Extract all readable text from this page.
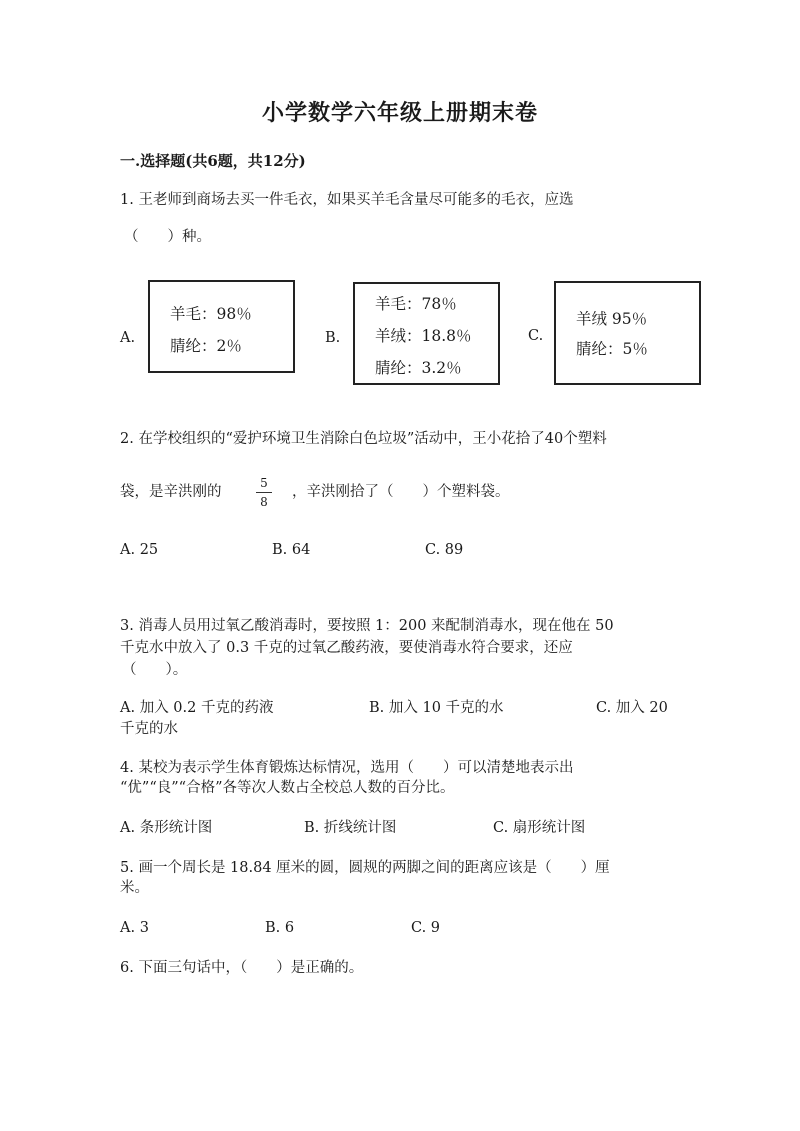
小学数学六年级上册期末卷
一.选择题(共6题，共12分)
1. 王老师到商场去买一件毛衣，如果买羊毛含量尽可能多的毛衣，应选
（　　）种。
A.
羊毛：98％
腈纶：2％	B.
羊毛：78％
羊绒：18.8％
腈纶：3.2％
C.
羊绒 95％
腈纶：5％
2. 在学校组织的“爱护环境卫生消除白色垃圾”活动中，王小花拾了40个塑料
袋，是辛洪刚的
5
8
，辛洪刚拾了（　　）个塑料袋。
A. 25	B. 64	C. 89
3. 消毒人员用过氧乙酸消毒时，要按照 1：200 来配制消毒水，现在他在 50
千克水中放入了 0.3 千克的过氧乙酸药液，要使消毒水符合要求，还应
（　　）。
A. 加入 0.2 千克的药液	B. 加入 10 千克的水	C. 加入 20
千克的水
4. 某校为表示学生体育锻炼达标情况，选用（　　）可以清楚地表示出
“优”“良”“合格”各等次人数占全校总人数的百分比。
A. 条形统计图	B. 折线统计图	C. 扇形统计图
5. 画一个周长是 18.84 厘米的圆，圆规的两脚之间的距离应该是（　　）厘
米。
A. 3	B. 6	C. 9
6. 下面三句话中，（　　）是正确的。
